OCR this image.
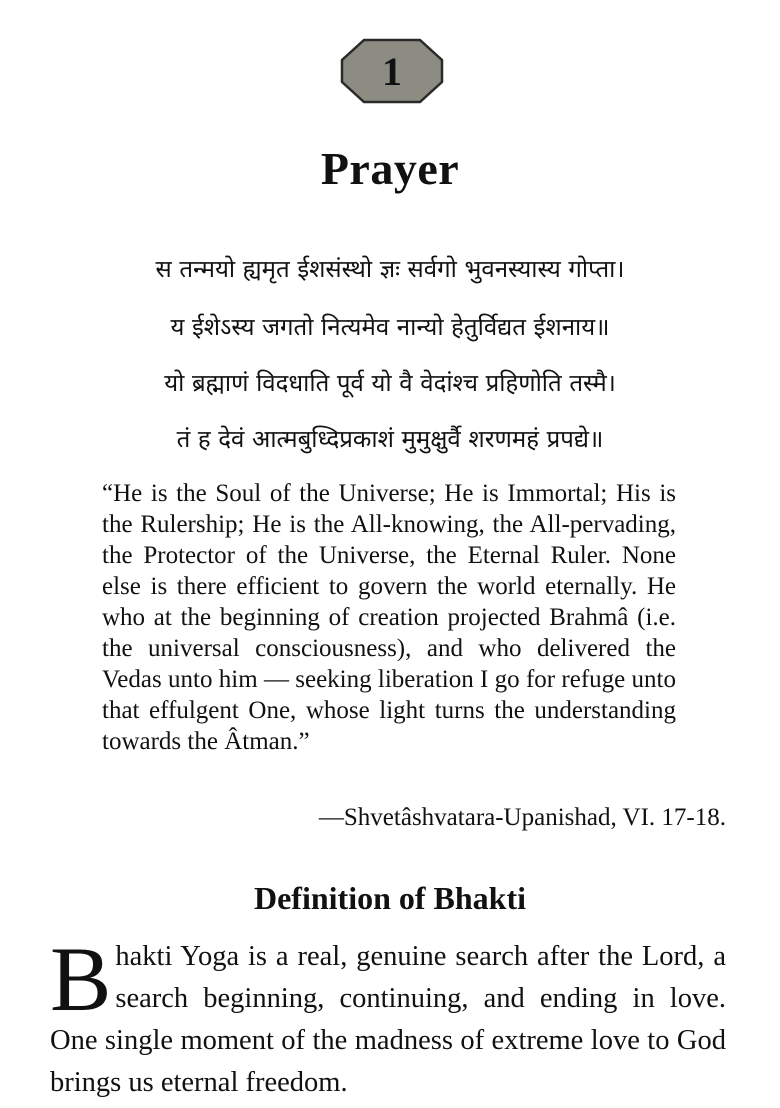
1
Prayer
स तन्मयो ह्यमृत ईशसंस्थो ज्ञः सर्वगो भुवनस्यास्य गोप्ता।
य ईशेऽस्य जगतो नित्यमेव नान्यो हेतुर्विद्यत ईशनाय॥
यो ब्रह्माणं विदधाति पूर्व यो वै वेदांश्च प्रहिणोति तस्मै।
तं ह देवं आत्मबुध्दिप्रकाशं मुमुक्षुर्वै शरणमहं प्रपद्ये॥
“He is the Soul of the Universe; He is Immortal; His is the Rulership; He is the All-knowing, the All-pervading, the Protector of the Universe, the Eternal Ruler. None else is there efficient to govern the world eternally. He who at the beginning of creation projected Brahmâ (i.e. the universal consciousness), and who delivered the Vedas unto him — seeking liberation I go for refuge unto that effulgent One, whose light turns the understanding towards the Âtman.”
—Shvetâshvatara-Upanishad, VI. 17-18.
Definition of Bhakti
Bhakti Yoga is a real, genuine search after the Lord, a search beginning, continuing, and ending in love. One single moment of the madness of extreme love to God brings us eternal freedom.
